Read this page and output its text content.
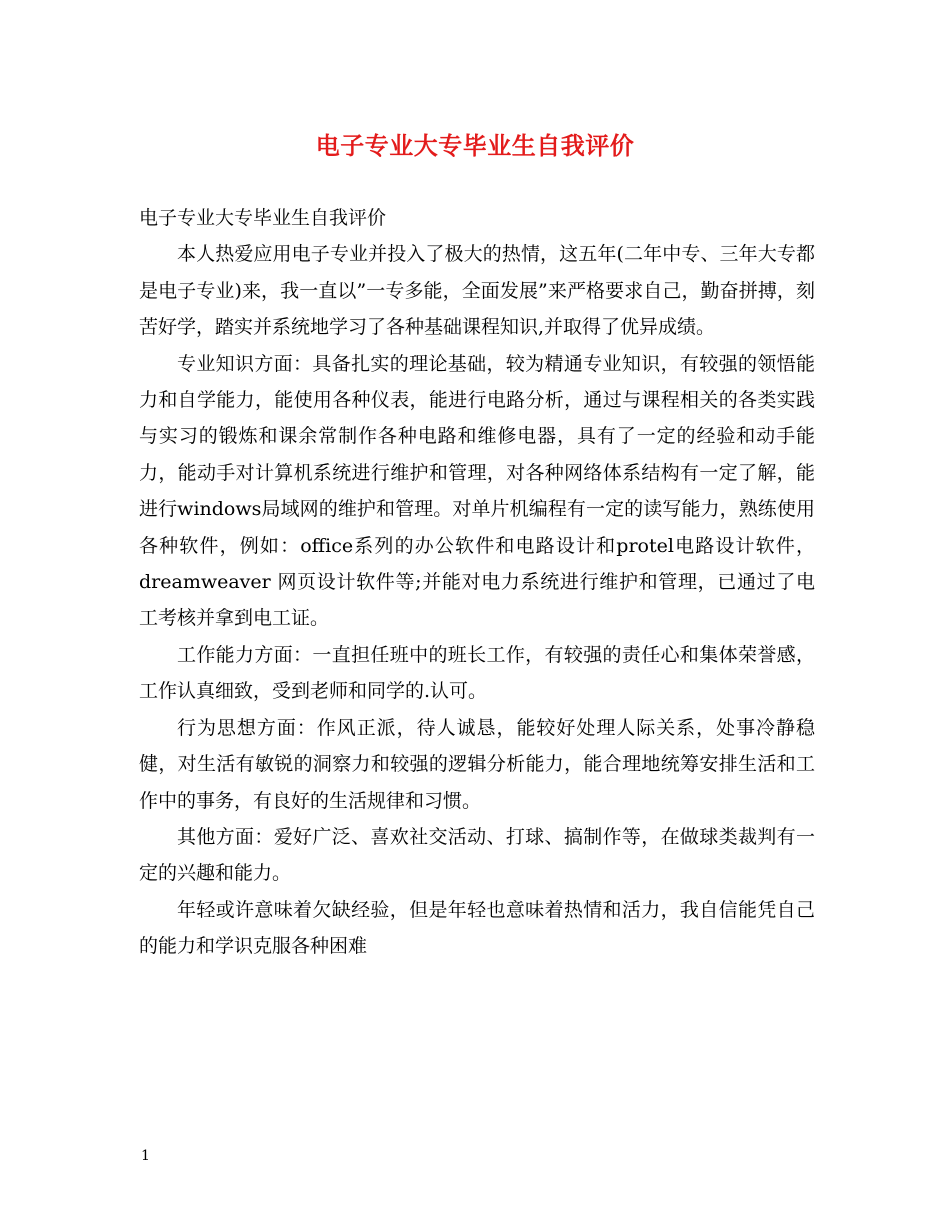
电子专业大专毕业生自我评价

电子专业大专毕业生自我评价

本人热爱应用电子专业并投入了极大的热情，这五年(二年中专、三年大专都是电子专业)来，我一直以”一专多能，全面发展”来严格要求自己，勤奋拼搏，刻苦好学，踏实并系统地学习了各种基础课程知识,并取得了优异成绩。

专业知识方面：具备扎实的理论基础，较为精通专业知识，有较强的领悟能力和自学能力，能使用各种仪表，能进行电路分析，通过与课程相关的各类实践与实习的锻炼和课余常制作各种电路和维修电器，具有了一定的经验和动手能力，能动手对计算机系统进行维护和管理，对各种网络体系结构有一定了解，能进行windows局域网的维护和管理。对单片机编程有一定的读写能力，熟练使用各种软件，例如：office系列的办公软件和电路设计和protel电路设计软件，dreamweaver 网页设计软件等;并能对电力系统进行维护和管理，已通过了电工考核并拿到电工证。

工作能力方面：一直担任班中的班长工作，有较强的责任心和集体荣誉感，工作认真细致，受到老师和同学的.认可。

行为思想方面：作风正派，待人诚恳，能较好处理人际关系，处事冷静稳健，对生活有敏锐的洞察力和较强的逻辑分析能力，能合理地统筹安排生活和工作中的事务，有良好的生活规律和习惯。

其他方面：爱好广泛、喜欢社交活动、打球、搞制作等，在做球类裁判有一定的兴趣和能力。

年轻或许意味着欠缺经验，但是年轻也意味着热情和活力，我自信能凭自己的能力和学识克服各种困难

1
